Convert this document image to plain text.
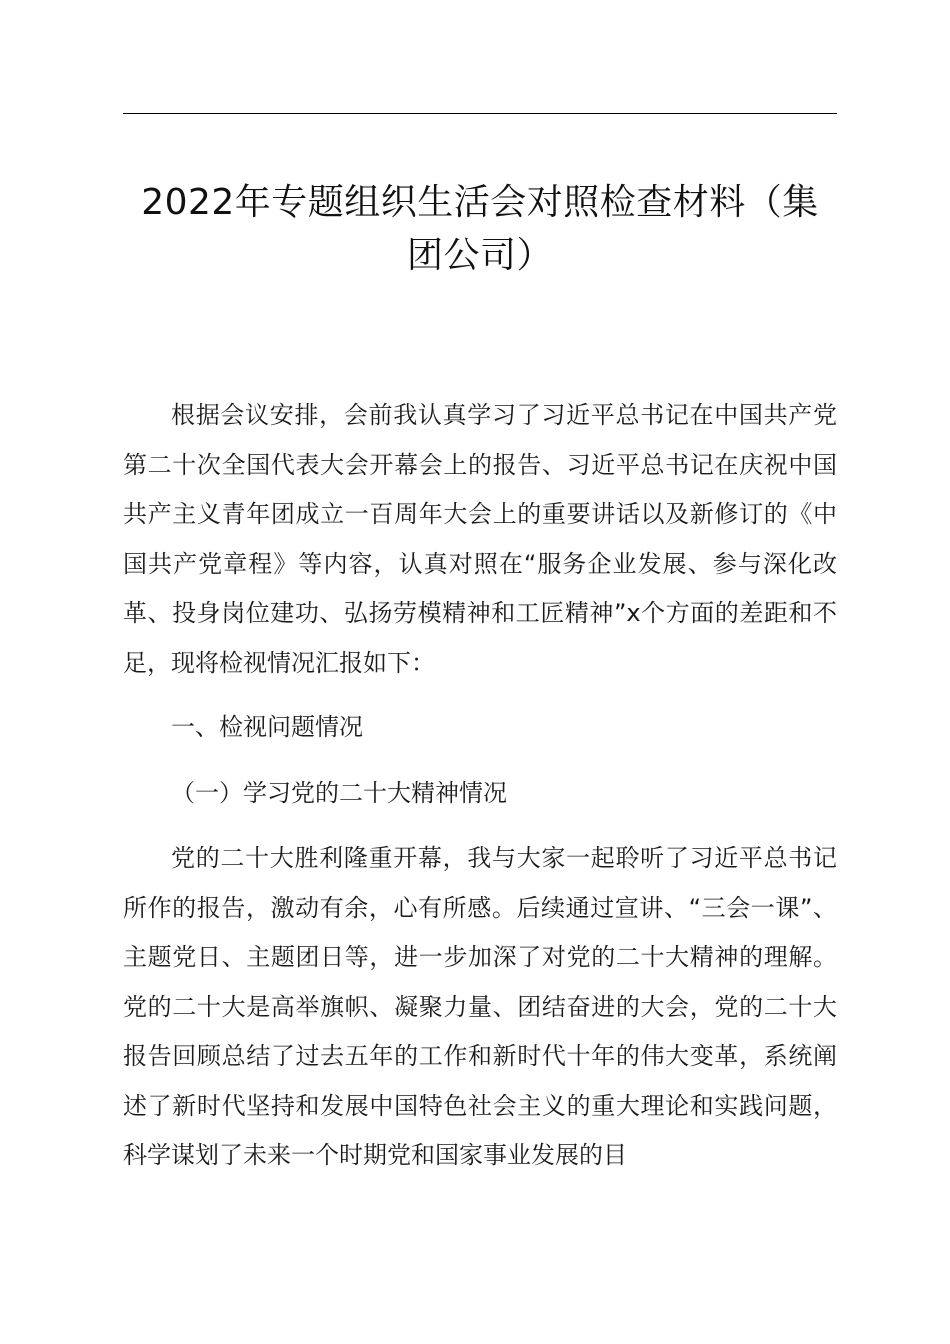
2022年专题组织生活会对照检查材料（集团公司）

根据会议安排，会前我认真学习了习近平总书记在中国共产党第二十次全国代表大会开幕会上的报告、习近平总书记在庆祝中国共产主义青年团成立一百周年大会上的重要讲话以及新修订的《中国共产党章程》等内容，认真对照在“服务企业发展、参与深化改革、投身岗位建功、弘扬劳模精神和工匠精神”x个方面的差距和不足，现将检视情况汇报如下：

一、检视问题情况

（一）学习党的二十大精神情况

党的二十大胜利隆重开幕，我与大家一起聆听了习近平总书记所作的报告，激动有余，心有所感。后续通过宣讲、“三会一课”、主题党日、主题团日等，进一步加深了对党的二十大精神的理解。党的二十大是高举旗帜、凝聚力量、团结奋进的大会，党的二十大报告回顾总结了过去五年的工作和新时代十年的伟大变革，系统阐述了新时代坚持和发展中国特色社会主义的重大理论和实践问题，科学谋划了未来一个时期党和国家事业发展的目
